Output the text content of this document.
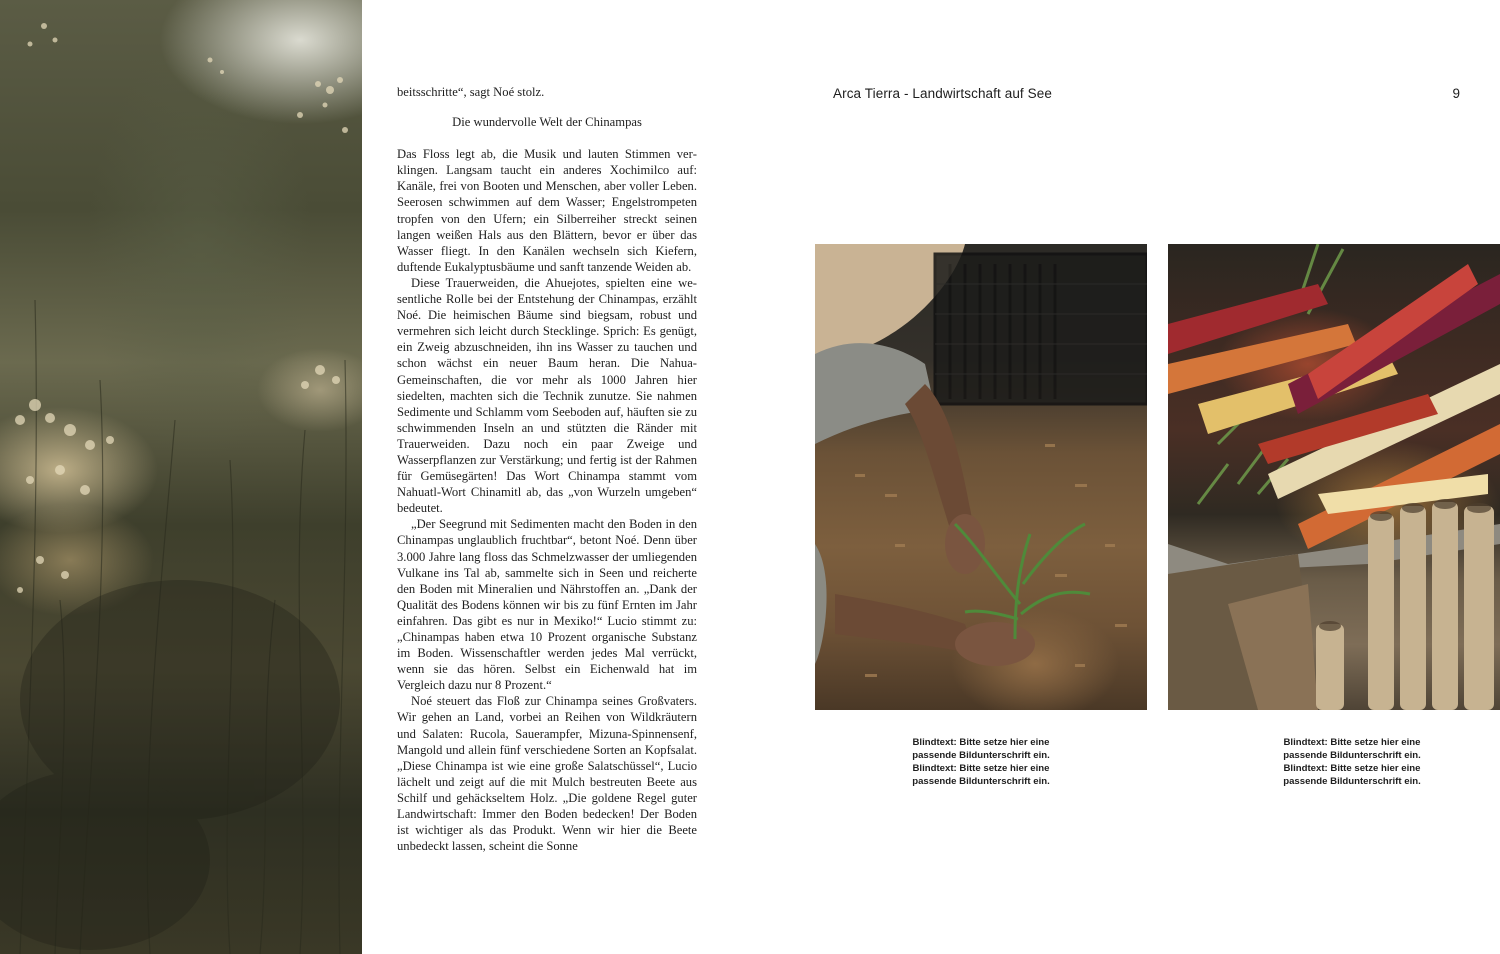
beitsschritte“, sagt Noé stolz.

Die wundervolle Welt der Chinampas

Das Floss legt ab, die Musik und lauten Stimmen verklingen. Langsam taucht ein anderes Xochimilco auf: Kanäle, frei von Booten und Menschen, aber voller Leben. Seerosen schwimmen auf dem Wasser; Engelstrompeten tropfen von den Ufern; ein Silberreiher streckt seinen langen weißen Hals aus den Blättern, bevor er über das Wasser fliegt. In den Kanälen wechseln sich Kiefern, duftende Eukalyptusbäume und sanft tanzende Weiden ab.

Diese Trauerweiden, die Ahuejotes, spielten eine wesentliche Rolle bei der Entstehung der Chinampas, erzählt Noé. Die heimischen Bäume sind biegsam, robust und vermehren sich leicht durch Stecklinge. Sprich: Es genügt, ein Zweig abzuschneiden, ihn ins Wasser zu tauchen und schon wächst ein neuer Baum heran. Die Nahua-Gemeinschaften, die vor mehr als 1000 Jahren hier siedelten, machten sich die Technik zunutze. Sie nahmen Sedimente und Schlamm vom Seeboden auf, häuften sie zu schwimmenden Inseln an und stützten die Ränder mit Trauerweiden. Dazu noch ein paar Zweige und Wasserpflanzen zur Verstärkung; und fertig ist der Rahmen für Gemüsegärten! Das Wort Chinampa stammt vom Nahuatl-Wort Chinamitl ab, das „von Wurzeln umgeben“ bedeutet.

„Der Seegrund mit Sedimenten macht den Boden in den Chinampas unglaublich fruchtbar“, betont Noé. Denn über 3.000 Jahre lang floss das Schmelzwasser der umliegenden Vulkane ins Tal ab, sammelte sich in Seen und reicherte den Boden mit Mineralien und Nährstoffen an. „Dank der Qualität des Bodens können wir bis zu fünf Ernten im Jahr einfahren. Das gibt es nur in Mexiko!“ Lucio stimmt zu: „Chinampas haben etwa 10 Prozent organische Substanz im Boden. Wissenschaftler werden jedes Mal verrückt, wenn sie das hören. Selbst ein Eichenwald hat im Vergleich dazu nur 8 Prozent.“

Noé steuert das Floß zur Chinampa seines Großvaters. Wir gehen an Land, vorbei an Reihen von Wildkräutern und Salaten: Rucola, Sauerampfer, Mizuna-Spinnensenf, Mangold und allein fünf verschiedene Sorten an Kopfsalat. „Diese Chinampa ist wie eine große Salatschüssel“, Lucio lächelt und zeigt auf die mit Mulch bestreuten Beete aus Schilf und gehäckseltem Holz. „Die goldene Regel guter Landwirtschaft: Immer den Boden bedecken! Der Boden ist wichtiger als das Produkt. Wenn wir hier die Beete unbedeckt lassen, scheint die Sonne

Arca Tierra - Landwirtschaft auf See	9
Blindtext: Bitte setze hier eine
passende Bildunterschrift ein.
Blindtext: Bitte setze hier eine
passende Bildunterschrift ein.
Blindtext: Bitte setze hier eine
passende Bildunterschrift ein.
Blindtext: Bitte setze hier eine
passende Bildunterschrift ein.
